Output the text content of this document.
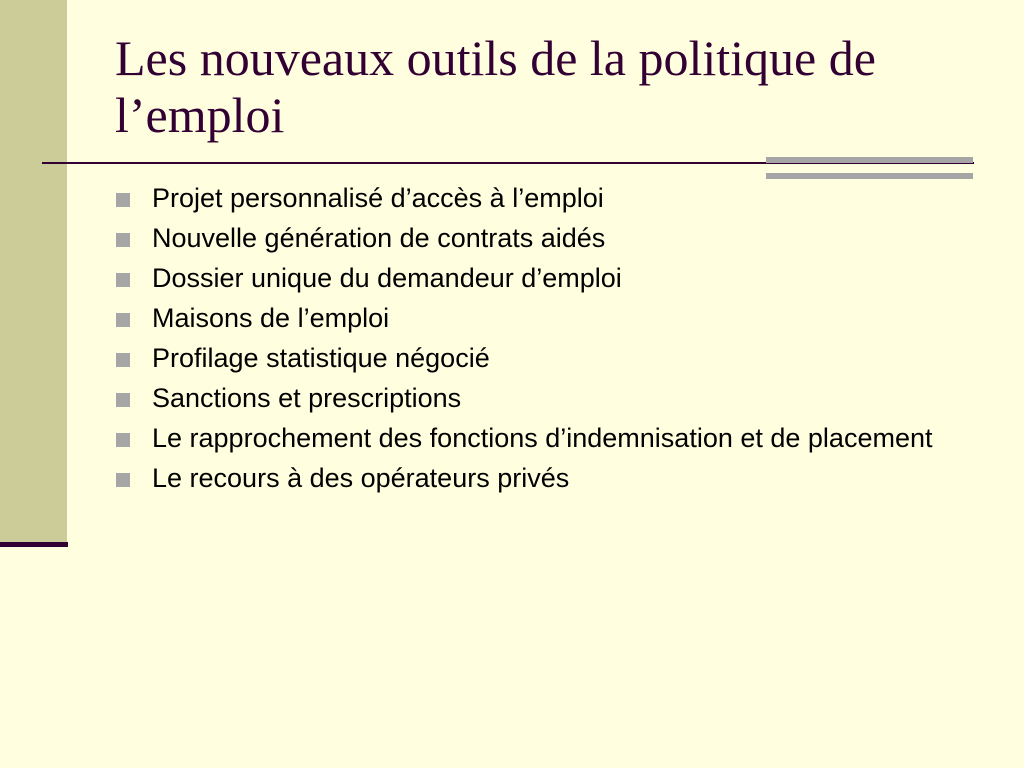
Les nouveaux outils de la politique de l’emploi
Projet personnalisé d’accès à l’emploi
Nouvelle génération de contrats aidés
Dossier unique du demandeur d’emploi
Maisons de l’emploi
Profilage statistique négocié
Sanctions et prescriptions
Le rapprochement des fonctions d’indemnisation et de placement
Le recours à des opérateurs privés
